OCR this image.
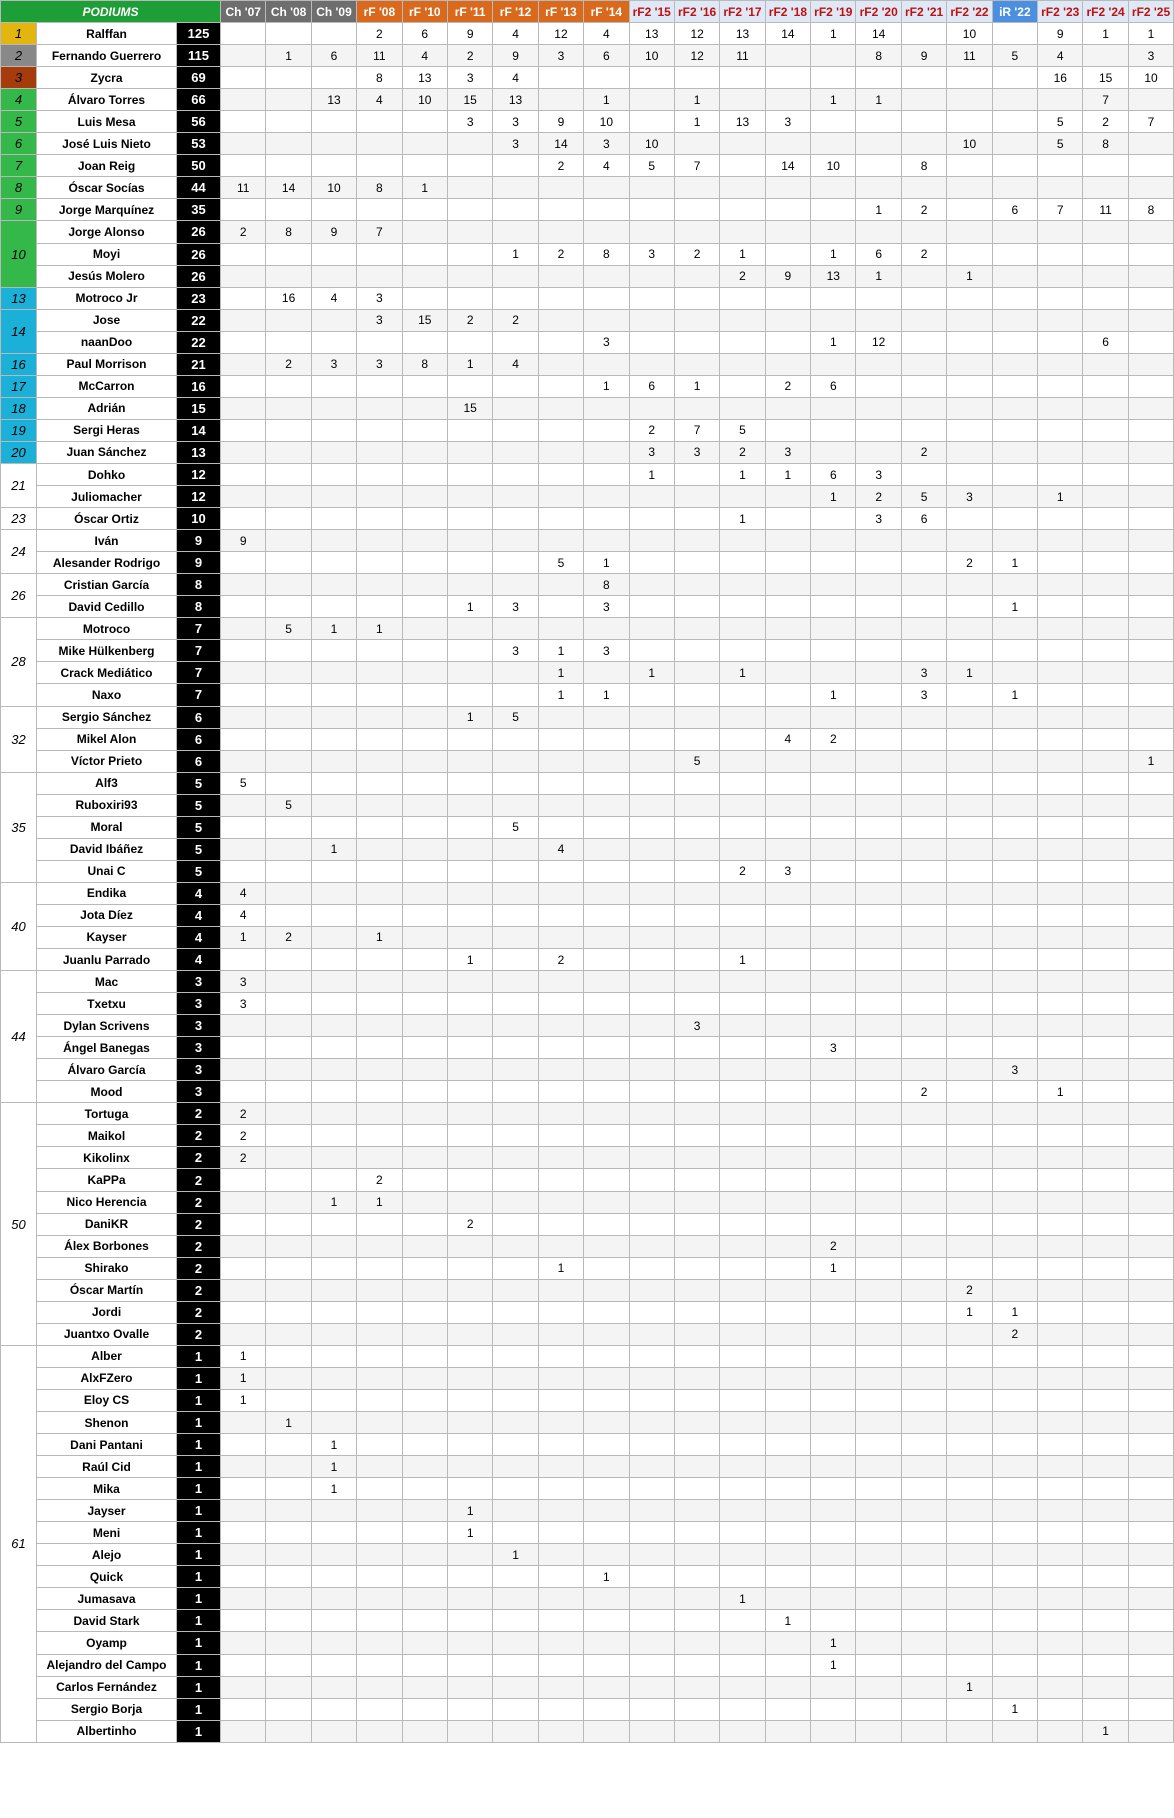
PODIUMS			Ch '07	Ch '08	Ch '09	rF '08	rF '10	rF '11	rF '12	rF '13	rF '14	rF2 '15	rF2 '16	rF2 '17	rF2 '18	rF2 '19	rF2 '20	rF2 '21	rF2 '22	iR '22	rF2 '23	rF2 '24	rF2 '25
1	Ralffan	125				2	6	9	4	12	4	13	12	13	14	1	14		10		9	1	1
2	Fernando Guerrero	115		1	6	11	4	2	9	3	6	10	12	11			8	9	11	5	4		3
3	Zycra	69				8	13	3	4												16	15	10
4	Álvaro Torres	66			13	4	10	15	13		1		1			1	1					7	
5	Luis Mesa	56						3	3	9	10		1	13	3						5	2	7
6	José Luis Nieto	53							3	14	3	10							10		5	8	
7	Joan Reig	50								2	4	5	7		14	10		8					
8	Óscar Socías	44	11	14	10	8	1																
9	Jorge Marquínez	35															1	2		6	7	11	8
10	Jorge Alonso	26	2	8	9	7																	
	Moyi	26							1	2	8	3	2	1		1	6	2					
	Jesús Molero	26												2	9	13	1		1				
13	Motroco Jr	23		16	4	3																	
14	Jose	22				3	15	2	2														
	naanDoo	22									3					1	12					6	
16	Paul Morrison	21		2	3	3	8	1	4														
17	McCarron	16									1	6	1		2	6							
18	Adrián	15						15															
19	Sergi Heras	14										2	7	5									
20	Juan Sánchez	13										3	3	2	3			2					
21	Dohko	12										1		1	1	6	3						
	Juliomacher	12														1	2	5	3		1		
23	Óscar Ortiz	10												1			3	6					
24	Iván	9	9																				
	Alesander Rodrigo	9								5	1								2	1			
26	Cristian García	8									8												
	David Cedillo	8						1	3		3									1			
28	Motroco	7		5	1	1																	
	Mike Hülkenberg	7							3	1	3												
	Crack Mediático	7								1		1		1				3	1				
	Naxo	7								1	1					1		3		1			
32	Sergio Sánchez	6						1	5														
	Mikel Alon	6													4	2							
	Víctor Prieto	6											5										1
35	Alf3	5	5																				
	Ruboxiri93	5		5																			
	Moral	5							5														
	David Ibáñez	5			1					4													
	Unai C	5												2	3								
40	Endika	4	4																				
	Jota Díez	4	4																				
	Kayser	4	1	2		1																	
	Juanlu Parrado	4						1		2				1									
44	Mac	3	3																				
	Txetxu	3	3																				
	Dylan Scrivens	3											3										
	Ángel Banegas	3														3							
	Álvaro García	3																		3			
	Mood	3																2			1		
50	Tortuga	2	2																				
	Maikol	2	2																				
	Kikolinx	2	2																				
	KaPPa	2				2																	
	Nico Herencia	2			1	1																	
	DaniKR	2						2															
	Álex Borbones	2														2							
	Shirako	2								1						1							
	Óscar Martín	2																	2				
	Jordi	2																	1	1			
	Juantxo Ovalle	2																		2			
61	Alber	1	1																				
	AlxFZero	1	1																				
	Eloy CS	1	1																				
	Shenon	1		1																			
	Dani Pantani	1			1																		
	Raúl Cid	1			1																		
	Mika	1			1																		
	Jayser	1						1															
	Meni	1						1															
	Alejo	1							1														
	Quick	1									1												
	Jumasava	1												1									
	David Stark	1													1								
	Oyamp	1														1							
	Alejandro del Campo	1														1							
	Carlos Fernández	1																	1				
	Sergio Borja	1																		1			
	Albertinho	1																				1	
